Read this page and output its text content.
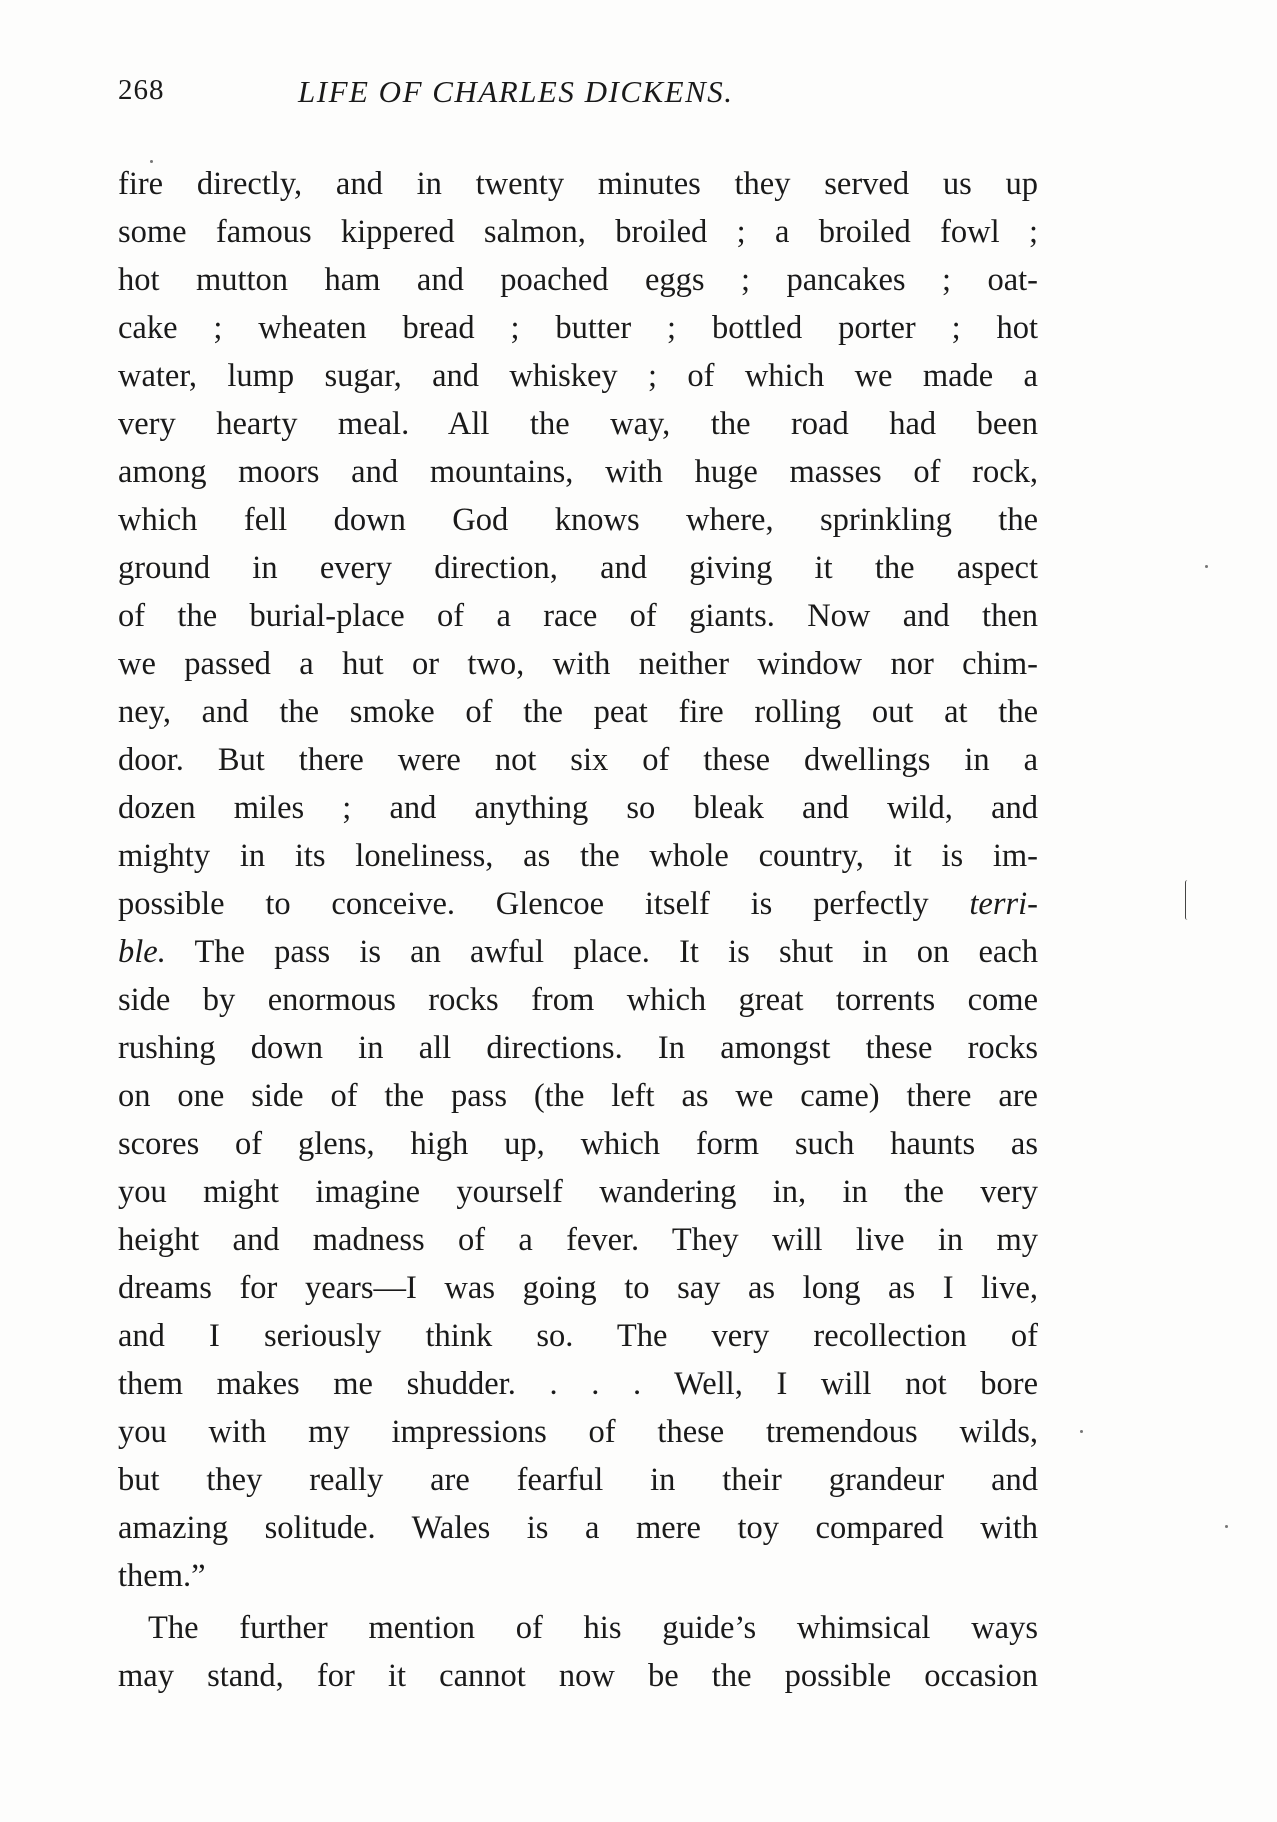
268	LIFE OF CHARLES DICKENS.
fire directly, and in twenty minutes they served us up
some famous kippered salmon, broiled ; a broiled fowl ;
hot mutton ham and poached eggs ; pancakes ; oat-
cake ; wheaten bread ; butter ; bottled porter ; hot
water, lump sugar, and whiskey ; of which we made a
very hearty meal. All the way, the road had been
among moors and mountains, with huge masses of rock,
which fell down God knows where, sprinkling the
ground in every direction, and giving it the aspect
of the burial-place of a race of giants. Now and then
we passed a hut or two, with neither window nor chim-
ney, and the smoke of the peat fire rolling out at the
door. But there were not six of these dwellings in a
dozen miles ; and anything so bleak and wild, and
mighty in its loneliness, as the whole country, it is im-
possible to conceive. Glencoe itself is perfectly terri-
ble. The pass is an awful place. It is shut in on each
side by enormous rocks from which great torrents come
rushing down in all directions. In amongst these rocks
on one side of the pass (the left as we came) there are
scores of glens, high up, which form such haunts as
you might imagine yourself wandering in, in the very
height and madness of a fever. They will live in my
dreams for years—I was going to say as long as I live,
and I seriously think so. The very recollection of
them makes me shudder. . . . Well, I will not bore
you with my impressions of these tremendous wilds,
but they really are fearful in their grandeur and
amazing solitude. Wales is a mere toy compared with
them.”
The further mention of his guide’s whimsical ways
may stand, for it cannot now be the possible occasion
